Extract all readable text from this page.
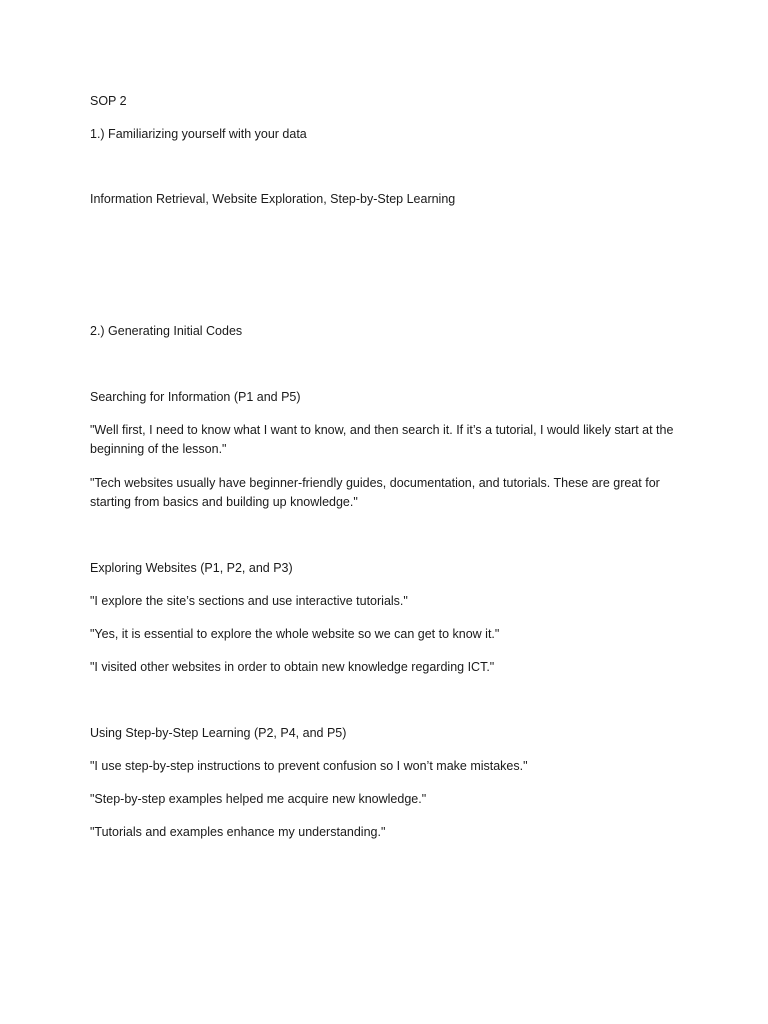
SOP 2

1.) Familiarizing yourself with your data

Information Retrieval, Website Exploration, Step-by-Step Learning

2.) Generating Initial Codes

Searching for Information (P1 and P5)

"Well first, I need to know what I want to know, and then search it. If it’s a tutorial, I would likely start at the beginning of the lesson."

"Tech websites usually have beginner-friendly guides, documentation, and tutorials. These are great for starting from basics and building up knowledge."

Exploring Websites (P1, P2, and P3)

"I explore the site’s sections and use interactive tutorials."

"Yes, it is essential to explore the whole website so we can get to know it."

"I visited other websites in order to obtain new knowledge regarding ICT."

Using Step-by-Step Learning (P2, P4, and P5)

"I use step-by-step instructions to prevent confusion so I won’t make mistakes."

"Step-by-step examples helped me acquire new knowledge."

"Tutorials and examples enhance my understanding."
